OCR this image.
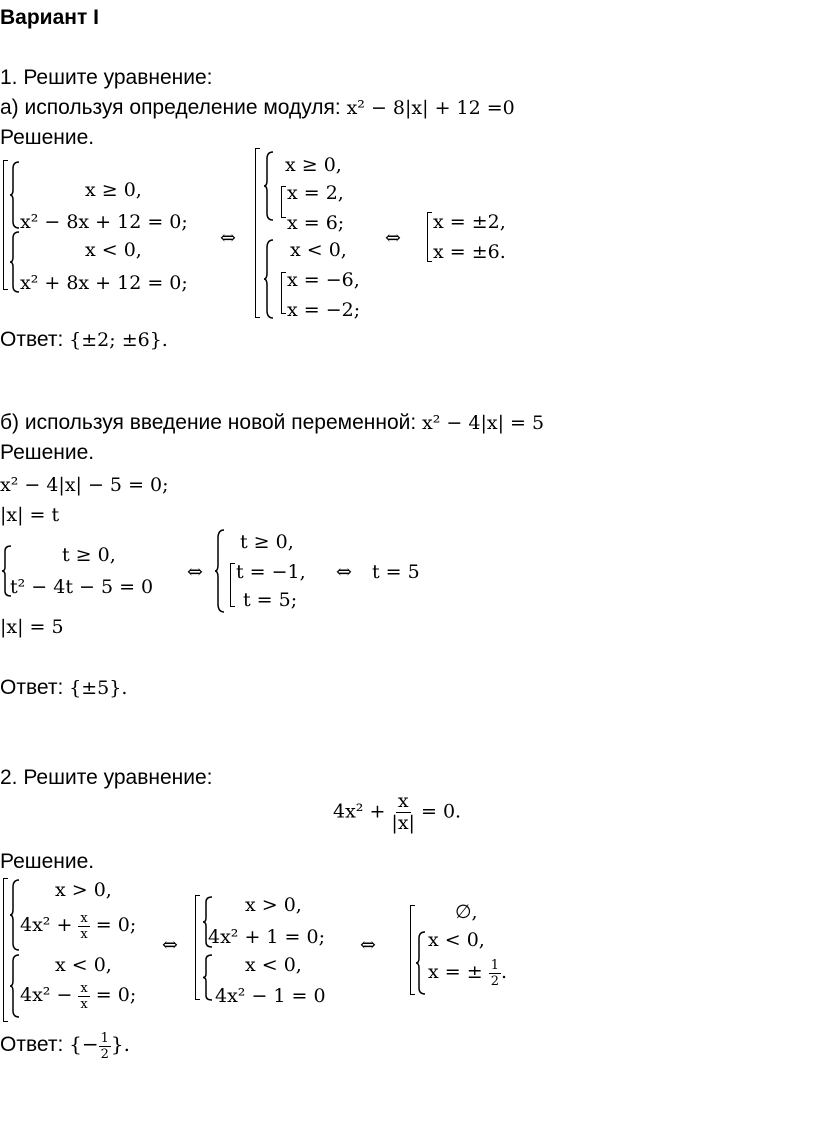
Вариант I
1. Решите уравнение:
а) используя определение модуля: x² − 8|x| + 12 =0
Решение.
x ≥ 0,
x² − 8x + 12 = 0;
x < 0,
x² + 8x + 12 = 0;
⇔
x ≥ 0,
x = 2,
x = 6;
x < 0,
x = −6,
x = −2;
⇔
x = ±2,
x = ±6.
Ответ: {±2; ±6}.
б) используя введение новой переменной: x² − 4|x| = 5
Решение.
x² − 4|x| − 5 = 0;
|x| = t
t ≥ 0,
t² − 4t − 5 = 0
⇔
t ≥ 0,
t = −1,
t = 5;
⇔ t = 5
|x| = 5
Ответ: {±5}.
2. Решите уравнение:
$4x^2 + \frac{x}{|x|} = 0$.
Решение.
x > 0,
$4x^2 + \frac{x}{x} = 0$;
x < 0,
$4x^2 - \frac{x}{x} = 0$;
⇔
x > 0,
4x² + 1 = 0;
x < 0,
4x² − 1 = 0
⇔
∅,
x < 0,
x = ± $\frac{1}{2}$ .
Ответ: {− $\frac{1}{2}$ }.
